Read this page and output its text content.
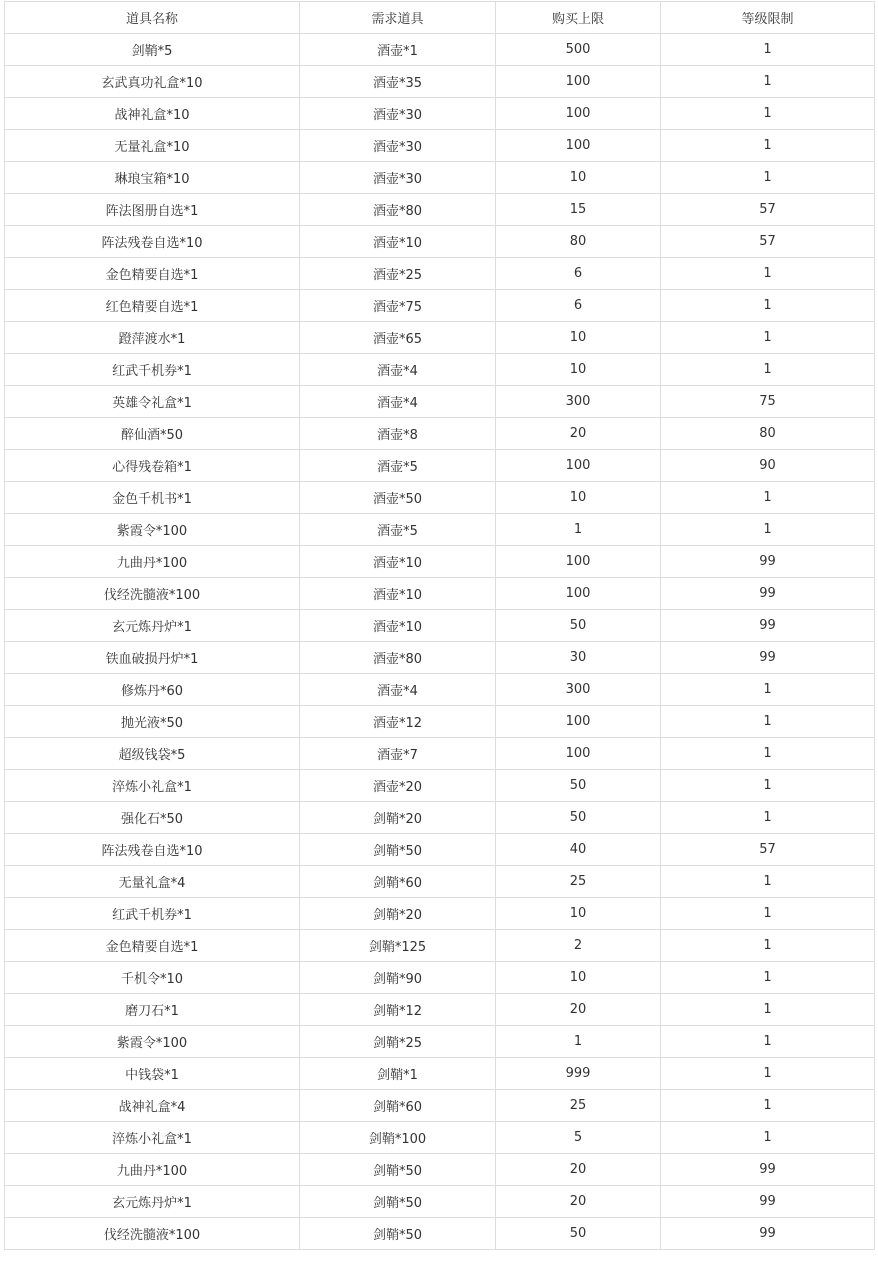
道具名称	需求道具	购买上限	等级限制
剑鞘*5	酒壶*1	500	1
玄武真功礼盒*10	酒壶*35	100	1
战神礼盒*10	酒壶*30	100	1
无量礼盒*10	酒壶*30	100	1
琳琅宝箱*10	酒壶*30	10	1
阵法图册自选*1	酒壶*80	15	57
阵法残卷自选*10	酒壶*10	80	57
金色精要自选*1	酒壶*25	6	1
红色精要自选*1	酒壶*75	6	1
蹬萍渡水*1	酒壶*65	10	1
红武千机券*1	酒壶*4	10	1
英雄令礼盒*1	酒壶*4	300	75
醉仙酒*50	酒壶*8	20	80
心得残卷箱*1	酒壶*5	100	90
金色千机书*1	酒壶*50	10	1
紫霞令*100	酒壶*5	1	1
九曲丹*100	酒壶*10	100	99
伐经洗髓液*100	酒壶*10	100	99
玄元炼丹炉*1	酒壶*10	50	99
铁血破损丹炉*1	酒壶*80	30	99
修炼丹*60	酒壶*4	300	1
抛光液*50	酒壶*12	100	1
超级钱袋*5	酒壶*7	100	1
淬炼小礼盒*1	酒壶*20	50	1
强化石*50	剑鞘*20	50	1
阵法残卷自选*10	剑鞘*50	40	57
无量礼盒*4	剑鞘*60	25	1
红武千机券*1	剑鞘*20	10	1
金色精要自选*1	剑鞘*125	2	1
千机令*10	剑鞘*90	10	1
磨刀石*1	剑鞘*12	20	1
紫霞令*100	剑鞘*25	1	1
中钱袋*1	剑鞘*1	999	1
战神礼盒*4	剑鞘*60	25	1
淬炼小礼盒*1	剑鞘*100	5	1
九曲丹*100	剑鞘*50	20	99
玄元炼丹炉*1	剑鞘*50	20	99
伐经洗髓液*100	剑鞘*50	50	99
